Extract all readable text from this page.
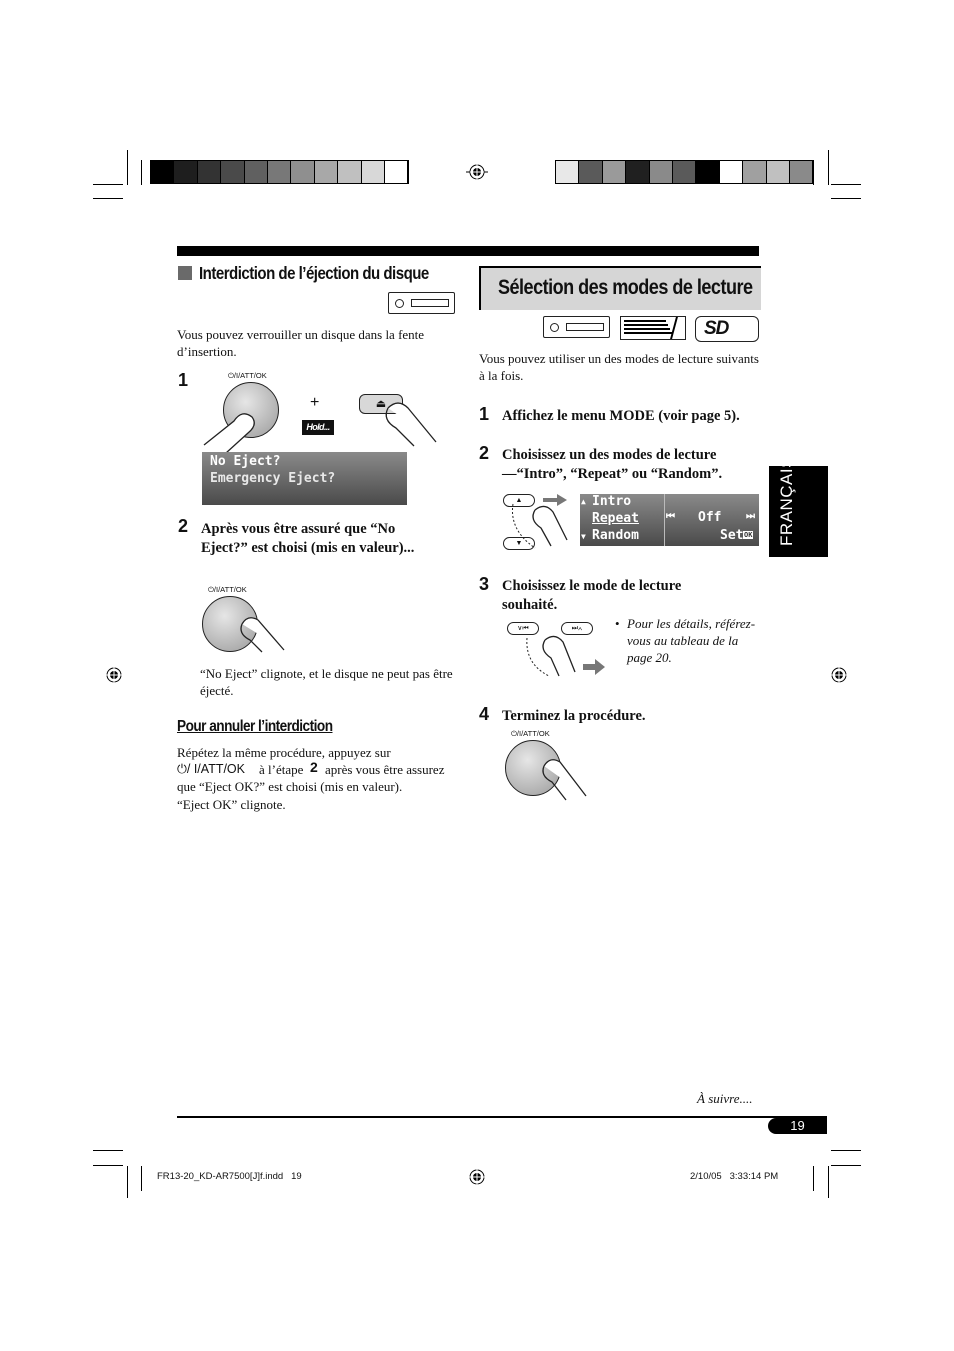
Interdiction de l’éjection du disque
Vous pouvez verrouiller un disque dans la fente d’insertion.
1	⏻/I/ATT/OK
+
Hold...
⏏
No Eject?
Emergency Eject?
2 Après vous être assuré que “No Eject?” est choisi (mis en valeur)...
⏻/I/ATT/OK
“No Eject” clignote, et le disque ne peut pas être éjecté.
Pour annuler l’interdiction
Répétez la même procédure, appuyez sur
⏻/ I/ATT/OK à l’étape 2 après vous être assurez que “Eject OK?” est choisi (mis en valeur).
“Eject OK” clignote.
Sélection des modes de lecture
SD
Vous pouvez utiliser un des modes de lecture suivants à la fois.
1 Affichez le menu MODE (voir page 5).
2 Choisissez un des modes de lecture—“Intro”, “Repeat” ou “Random”.
▲
▼
▲ Intro
Repeat
▼ Random
⏮ Off ⏭
Set OK
3 Choisissez le mode de lecture souhaité.
∨⏮	⏭∧	• Pour les détails, référez-vous au tableau de la page 20.
4 Terminez la procédure.
⏻/I/ATT/OK
FRANÇAIS
À suivre....
19
FR13-20_KD-AR7500[J]f.indd   19	2/10/05   3:33:14 PM
